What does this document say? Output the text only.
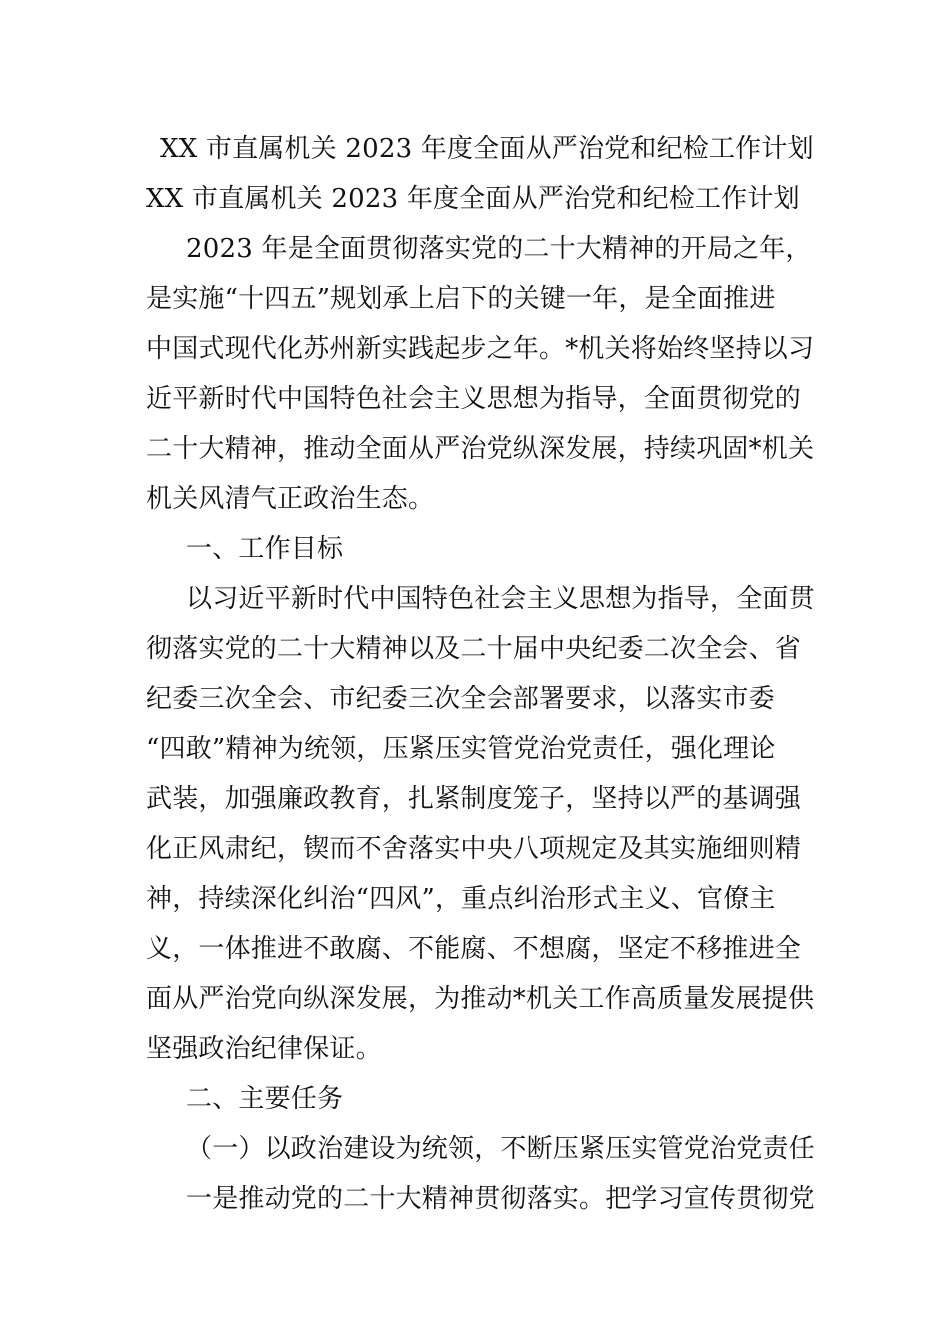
XX 市直属机关 2023 年度全面从严治党和纪检工作计划
XX 市直属机关 2023 年度全面从严治党和纪检工作计划
2023 年是全面贯彻落实党的二十大精神的开局之年，
是实施“十四五”规划承上启下的关键一年，是全面推进
中国式现代化苏州新实践起步之年。*机关将始终坚持以习
近平新时代中国特色社会主义思想为指导，全面贯彻党的
二十大精神，推动全面从严治党纵深发展，持续巩固*机关
机关风清气正政治生态。
一、工作目标
以习近平新时代中国特色社会主义思想为指导，全面贯
彻落实党的二十大精神以及二十届中央纪委二次全会、省
纪委三次全会、市纪委三次全会部署要求，以落实市委
“四敢”精神为统领，压紧压实管党治党责任，强化理论
武装，加强廉政教育，扎紧制度笼子，坚持以严的基调强
化正风肃纪，锲而不舍落实中央八项规定及其实施细则精
神，持续深化纠治“四风”，重点纠治形式主义、官僚主
义，一体推进不敢腐、不能腐、不想腐，坚定不移推进全
面从严治党向纵深发展，为推动*机关工作高质量发展提供
坚强政治纪律保证。
二、主要任务
（一）以政治建设为统领，不断压紧压实管党治党责任
一是推动党的二十大精神贯彻落实。把学习宣传贯彻党
